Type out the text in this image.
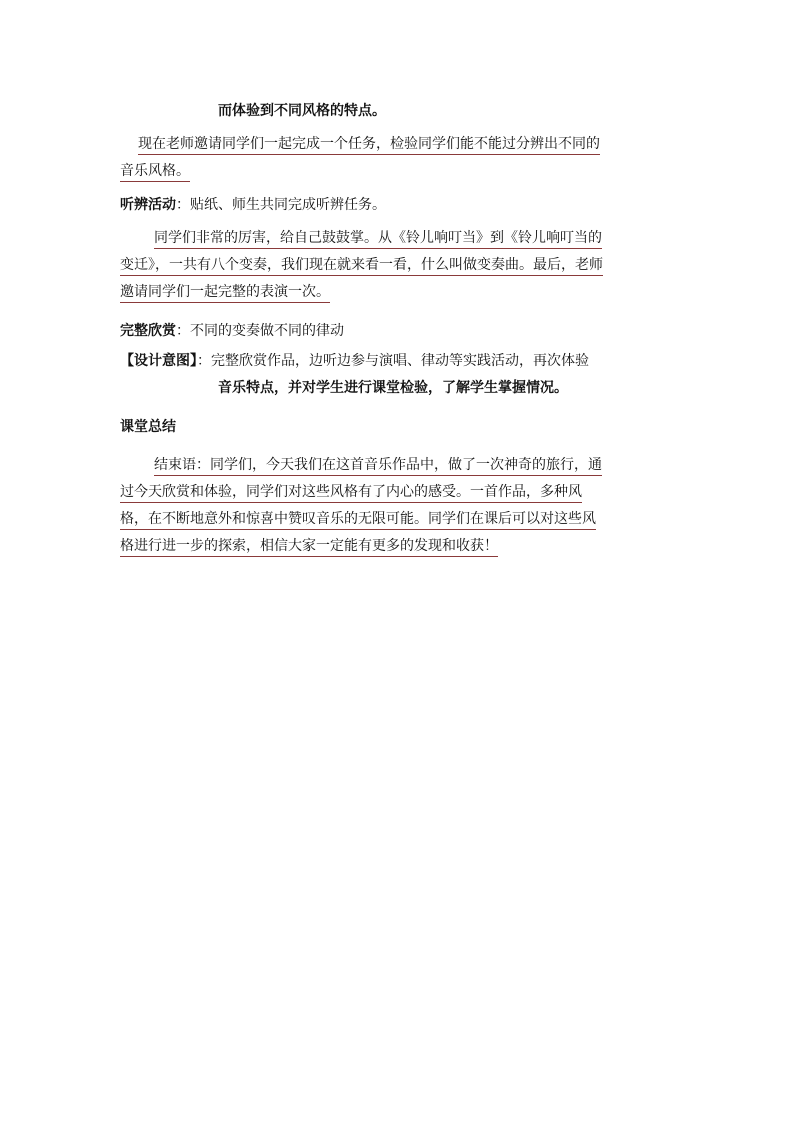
而体验到不同风格的特点。
现在老师邀请同学们一起完成一个任务，检验同学们能不能过分辨出不同的
音乐风格。
听辨活动：贴纸、师生共同完成听辨任务。
同学们非常的厉害，给自己鼓鼓掌。从《铃儿响叮当》到《铃儿响叮当的
变迁》，一共有八个变奏，我们现在就来看一看，什么叫做变奏曲。最后，老师
邀请同学们一起完整的表演一次。
完整欣赏：不同的变奏做不同的律动
【设计意图】：完整欣赏作品，边听边参与演唱、律动等实践活动，再次体验
音乐特点，并对学生进行课堂检验，了解学生掌握情况。
课堂总结
结束语：同学们，今天我们在这首音乐作品中，做了一次神奇的旅行，通
过今天欣赏和体验，同学们对这些风格有了内心的感受。一首作品，多种风
格，在不断地意外和惊喜中赞叹音乐的无限可能。同学们在课后可以对这些风
格进行进一步的探索，相信大家一定能有更多的发现和收获！
